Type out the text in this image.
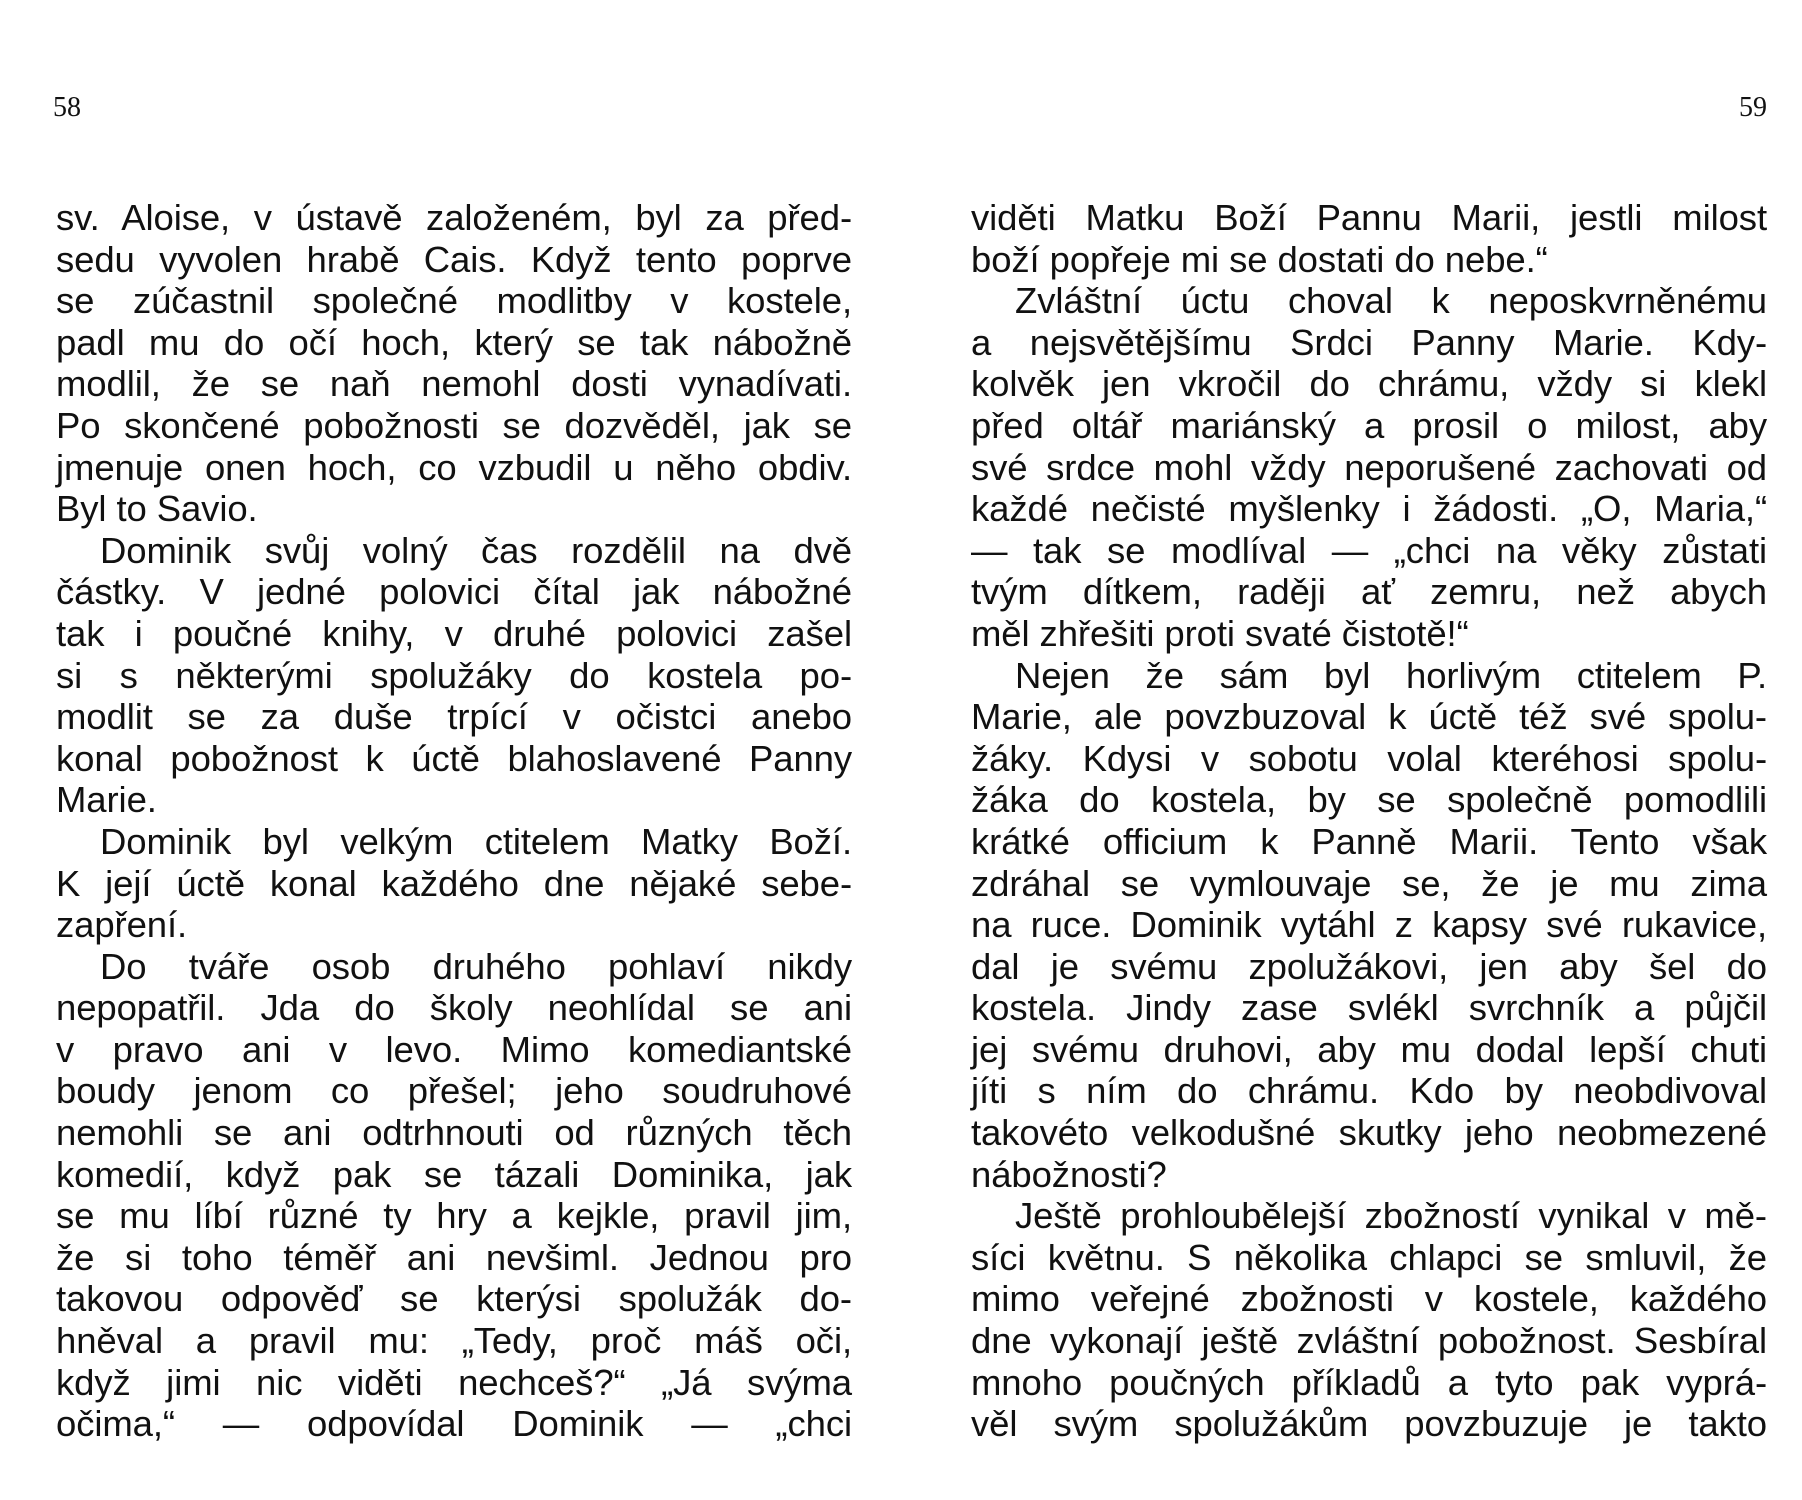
58
sv. Aloise, v ústavě založeném, byl za před-
sedu vyvolen hrabě Cais. Když tento poprve
se zúčastnil společné modlitby v kostele,
padl mu do očí hoch, který se tak nábožně
modlil, že se naň nemohl dosti vynadívati.
Po skončené pobožnosti se dozvěděl, jak se
jmenuje onen hoch, co vzbudil u něho obdiv.
Byl to Savio.
Dominik svůj volný čas rozdělil na dvě
částky. V jedné polovici čítal jak nábožné
tak i poučné knihy, v druhé polovici zašel
si s některými spolužáky do kostela po-
modlit se za duše trpící v očistci anebo
konal pobožnost k úctě blahoslavené Panny
Marie.
Dominik byl velkým ctitelem Matky Boží.
K její úctě konal každého dne nějaké sebe-
zapření.
Do tváře osob druhého pohlaví nikdy
nepopatřil. Jda do školy neohlídal se ani
v pravo ani v levo. Mimo komediantské
boudy jenom co přešel; jeho soudruhové
nemohli se ani odtrhnouti od různých těch
komedií, když pak se tázali Dominika, jak
se mu líbí různé ty hry a kejkle, pravil jim,
že si toho téměř ani nevšiml. Jednou pro
takovou odpověď se kterýsi spolužák do-
hněval a pravil mu: „Tedy, proč máš oči,
když jimi nic viděti nechceš?“ „Já svýma
očima,“ — odpovídal Dominik — „chci
59
viděti Matku Boží Pannu Marii, jestli milost
boží popřeje mi se dostati do nebe.“
Zvláštní úctu choval k neposkvrněnému
a nejsvětějšímu Srdci Panny Marie. Kdy-
kolvěk jen vkročil do chrámu, vždy si klekl
před oltář mariánský a prosil o milost, aby
své srdce mohl vždy neporušené zachovati od
každé nečisté myšlenky i žádosti. „O, Maria,“
— tak se modlíval — „chci na věky zůstati
tvým dítkem, raději ať zemru, než abych
měl zhřešiti proti svaté čistotě!“
Nejen že sám byl horlivým ctitelem P.
Marie, ale povzbuzoval k úctě též své spolu-
žáky. Kdysi v sobotu volal kteréhosi spolu-
žáka do kostela, by se společně pomodlili
krátké officium k Panně Marii. Tento však
zdráhal se vymlouvaje se, že je mu zima
na ruce. Dominik vytáhl z kapsy své rukavice,
dal je svému zpolužákovi, jen aby šel do
kostela. Jindy zase svlékl svrchník a půjčil
jej svému druhovi, aby mu dodal lepší chuti
jíti s ním do chrámu. Kdo by neobdivoval
takovéto velkodušné skutky jeho neobmezené
nábožnosti?
Ještě prohloubělejší zbožností vynikal v mě-
síci květnu. S několika chlapci se smluvil, že
mimo veřejné zbožnosti v kostele, každého
dne vykonají ještě zvláštní pobožnost. Sesbíral
mnoho poučných příkladů a tyto pak vyprá-
věl svým spolužákům povzbuzuje je takto
